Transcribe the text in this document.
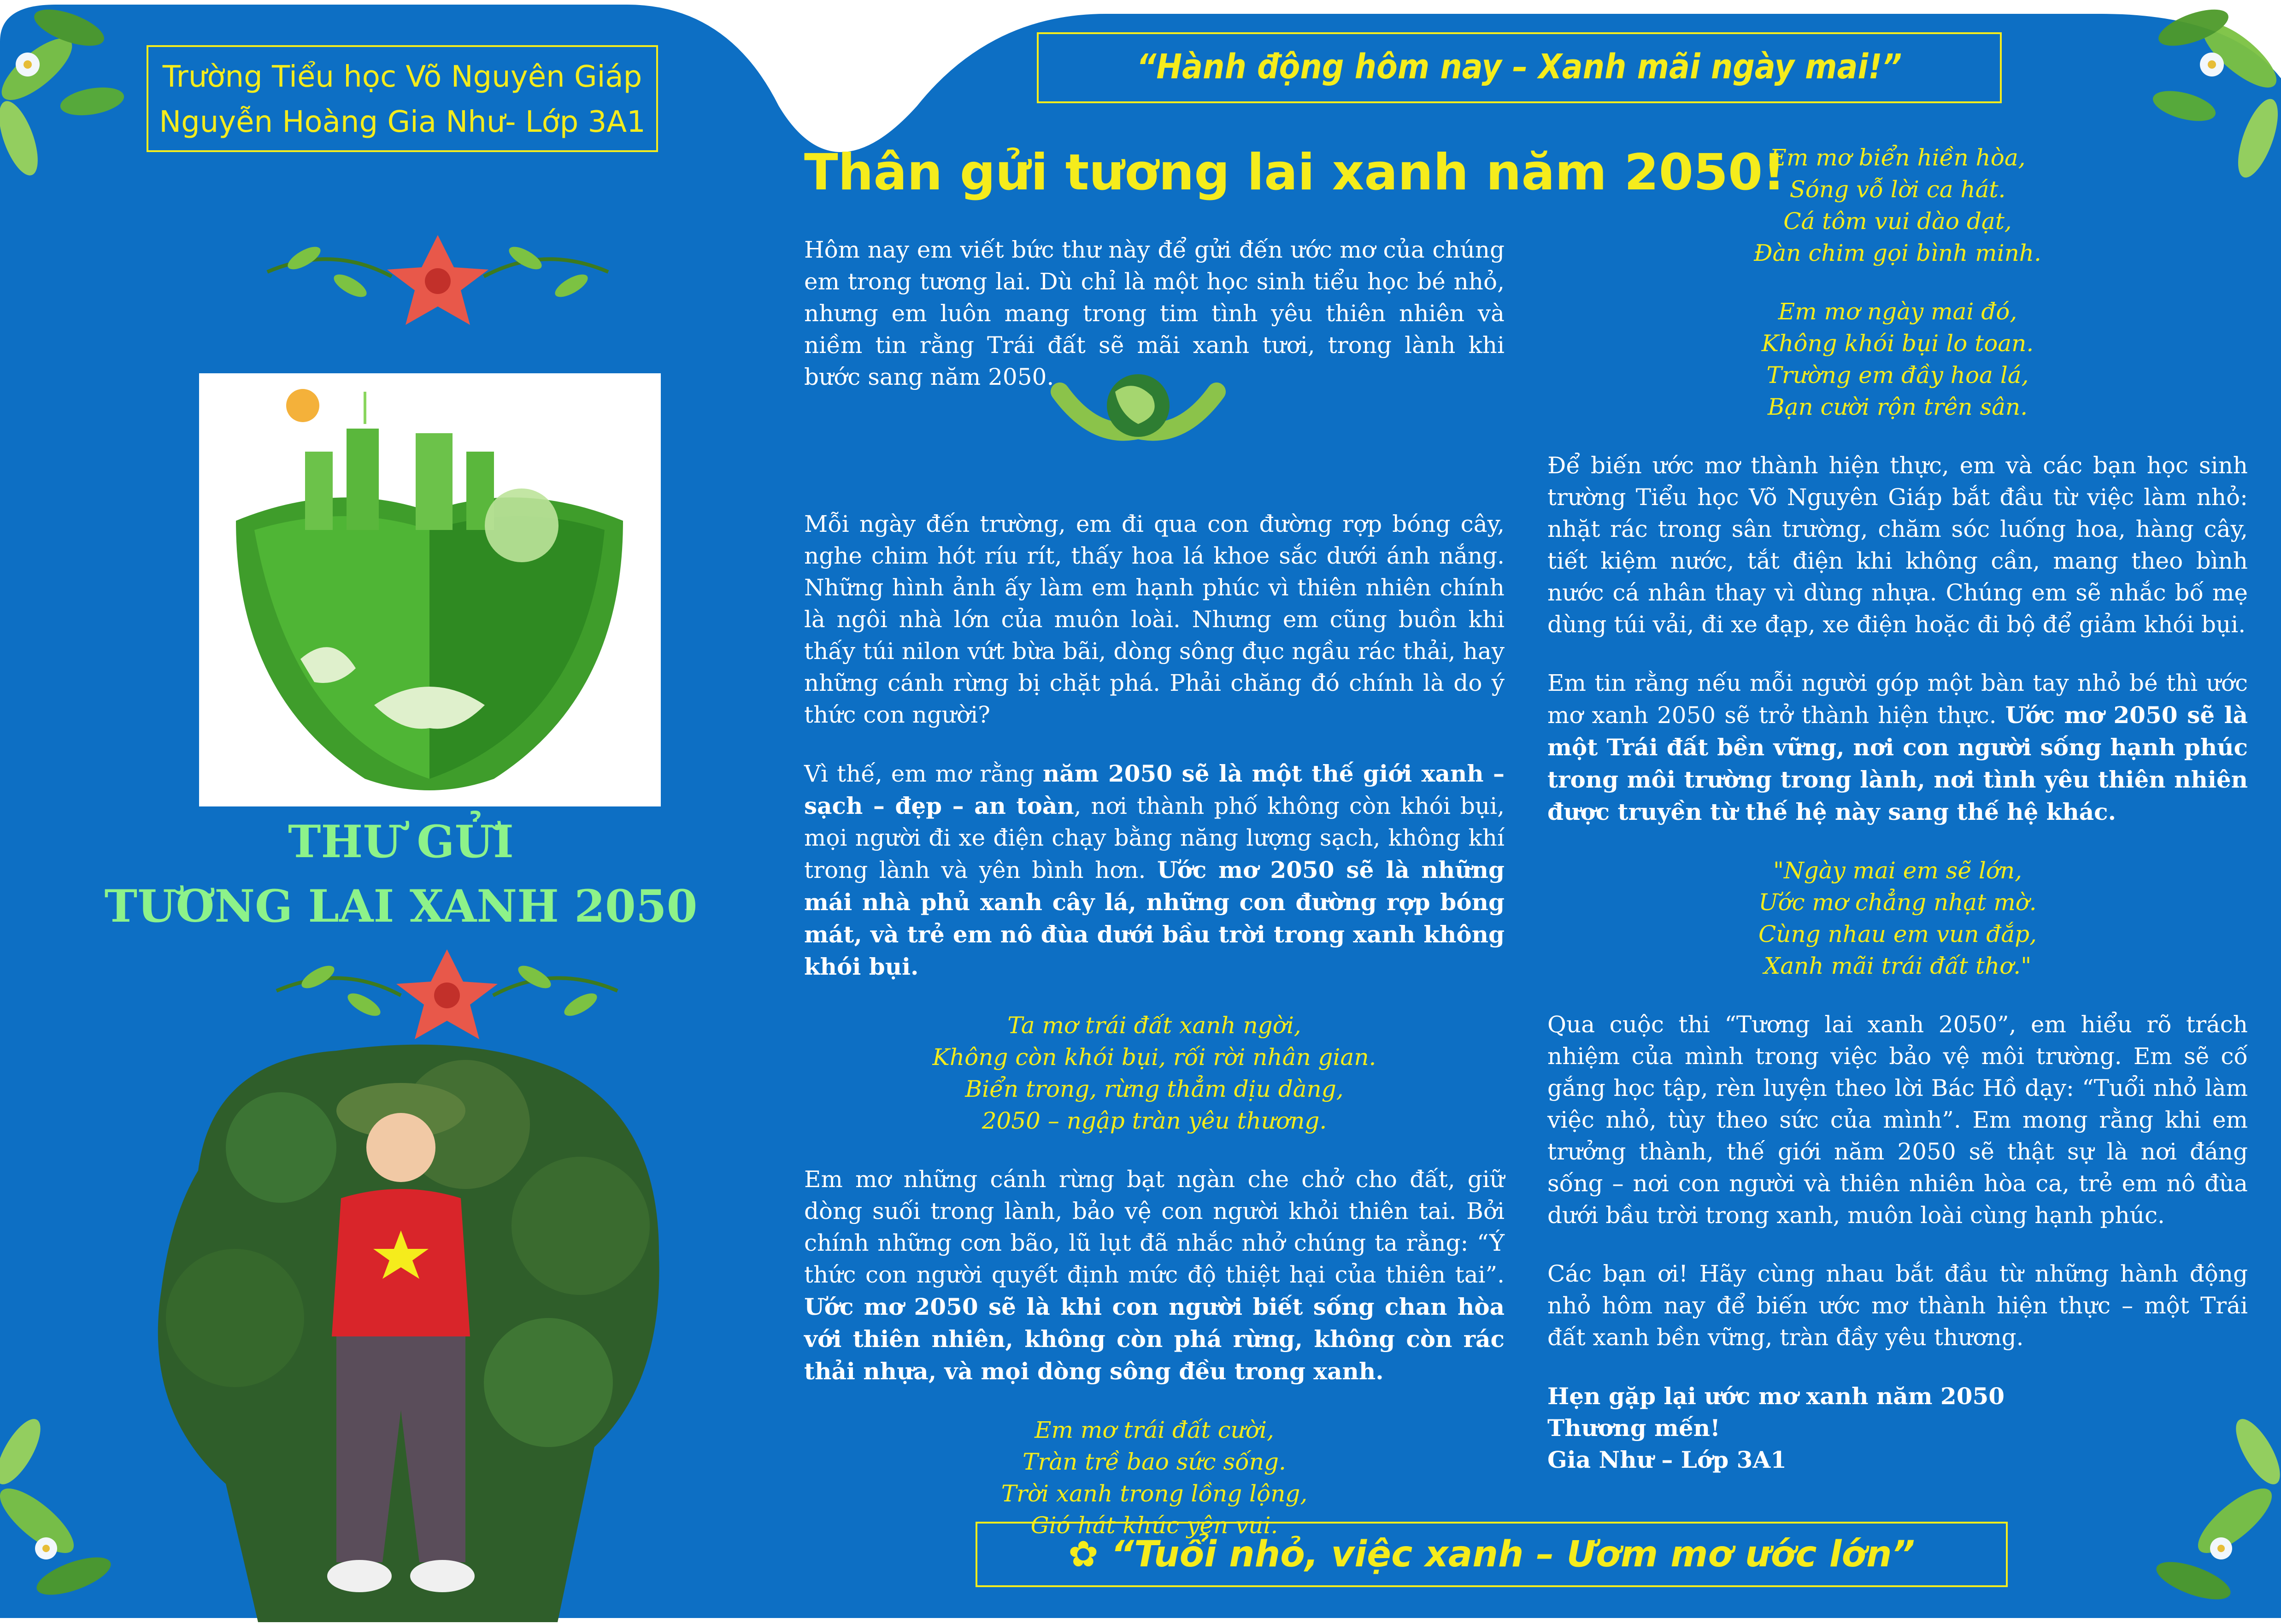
Trường Tiểu học Võ Nguyên Giáp
Nguyễn Hoàng Gia Như- Lớp 3A1
“Hành động hôm nay – Xanh mãi ngày mai!”
THƯ GỬI
TƯƠNG LAI XANH 2050
Thân gửi tương lai xanh năm 2050!

Hôm nay em viết bức thư này để gửi đến ước mơ của chúng em trong tương lai. Dù chỉ là một học sinh tiểu học bé nhỏ, nhưng em luôn mang trong tim tình yêu thiên nhiên và niềm tin rằng Trái đất sẽ mãi xanh tươi, trong lành khi bước sang năm 2050.

Mỗi ngày đến trường, em đi qua con đường rợp bóng cây, nghe chim hót ríu rít, thấy hoa lá khoe sắc dưới ánh nắng. Những hình ảnh ấy làm em hạnh phúc vì thiên nhiên chính là ngôi nhà lớn của muôn loài. Nhưng em cũng buồn khi thấy túi nilon vứt bừa bãi, dòng sông đục ngầu rác thải, hay những cánh rừng bị chặt phá. Phải chăng đó chính là do ý thức con người?

Vì thế, em mơ rằng năm 2050 sẽ là một thế giới xanh – sạch – đẹp – an toàn, nơi thành phố không còn khói bụi, mọi người đi xe điện chạy bằng năng lượng sạch, không khí trong lành và yên bình hơn. Ước mơ 2050 sẽ là những mái nhà phủ xanh cây lá, những con đường rợp bóng mát, và trẻ em nô đùa dưới bầu trời trong xanh không khói bụi.

Ta mơ trái đất xanh ngời,
Không còn khói bụi, rối rời nhân gian.
Biển trong, rừng thẳm dịu dàng,
2050 – ngập tràn yêu thương.

Em mơ những cánh rừng bạt ngàn che chở cho đất, giữ dòng suối trong lành, bảo vệ con người khỏi thiên tai. Bởi chính những cơn bão, lũ lụt đã nhắc nhở chúng ta rằng: “Ý thức con người quyết định mức độ thiệt hại của thiên tai”. Ước mơ 2050 sẽ là khi con người biết sống chan hòa với thiên nhiên, không còn phá rừng, không còn rác thải nhựa, và mọi dòng sông đều trong xanh.

Em mơ trái đất cười,
Tràn trề bao sức sống.
Trời xanh trong lồng lộng,
Gió hát khúc yên vui.

Em mơ biển hiền hòa,
Sóng vỗ lời ca hát.
Cá tôm vui dào dạt,
Đàn chim gọi bình minh.

Em mơ ngày mai đó,
Không khói bụi lo toan.
Trường em đầy hoa lá,
Bạn cười rộn trên sân.

Để biến ước mơ thành hiện thực, em và các bạn học sinh trường Tiểu học Võ Nguyên Giáp bắt đầu từ việc làm nhỏ: nhặt rác trong sân trường, chăm sóc luống hoa, hàng cây, tiết kiệm nước, tắt điện khi không cần, mang theo bình nước cá nhân thay vì dùng nhựa. Chúng em sẽ nhắc bố mẹ dùng túi vải, đi xe đạp, xe điện hoặc đi bộ để giảm khói bụi.

Em tin rằng nếu mỗi người góp một bàn tay nhỏ bé thì ước mơ xanh 2050 sẽ trở thành hiện thực. Ước mơ 2050 sẽ là một Trái đất bền vững, nơi con người sống hạnh phúc trong môi trường trong lành, nơi tình yêu thiên nhiên được truyền từ thế hệ này sang thế hệ khác.

"Ngày mai em sẽ lớn,
Ước mơ chẳng nhạt mờ.
Cùng nhau em vun đắp,
Xanh mãi trái đất thơ."

Qua cuộc thi “Tương lai xanh 2050”, em hiểu rõ trách nhiệm của mình trong việc bảo vệ môi trường. Em sẽ cố gắng học tập, rèn luyện theo lời Bác Hồ dạy: “Tuổi nhỏ làm việc nhỏ, tùy theo sức của mình”. Em mong rằng khi em trưởng thành, thế giới năm 2050 sẽ thật sự là nơi đáng sống – nơi con người và thiên nhiên hòa ca, trẻ em nô đùa dưới bầu trời trong xanh, muôn loài cùng hạnh phúc.

Các bạn ơi! Hãy cùng nhau bắt đầu từ những hành động nhỏ hôm nay để biến ước mơ thành hiện thực – một Trái đất xanh bền vững, tràn đầy yêu thương.

Hẹn gặp lại ước mơ xanh năm 2050
Thương mến!
Gia Như – Lớp 3A1

✿ “Tuổi nhỏ, việc xanh – Ươm mơ ước lớn”
